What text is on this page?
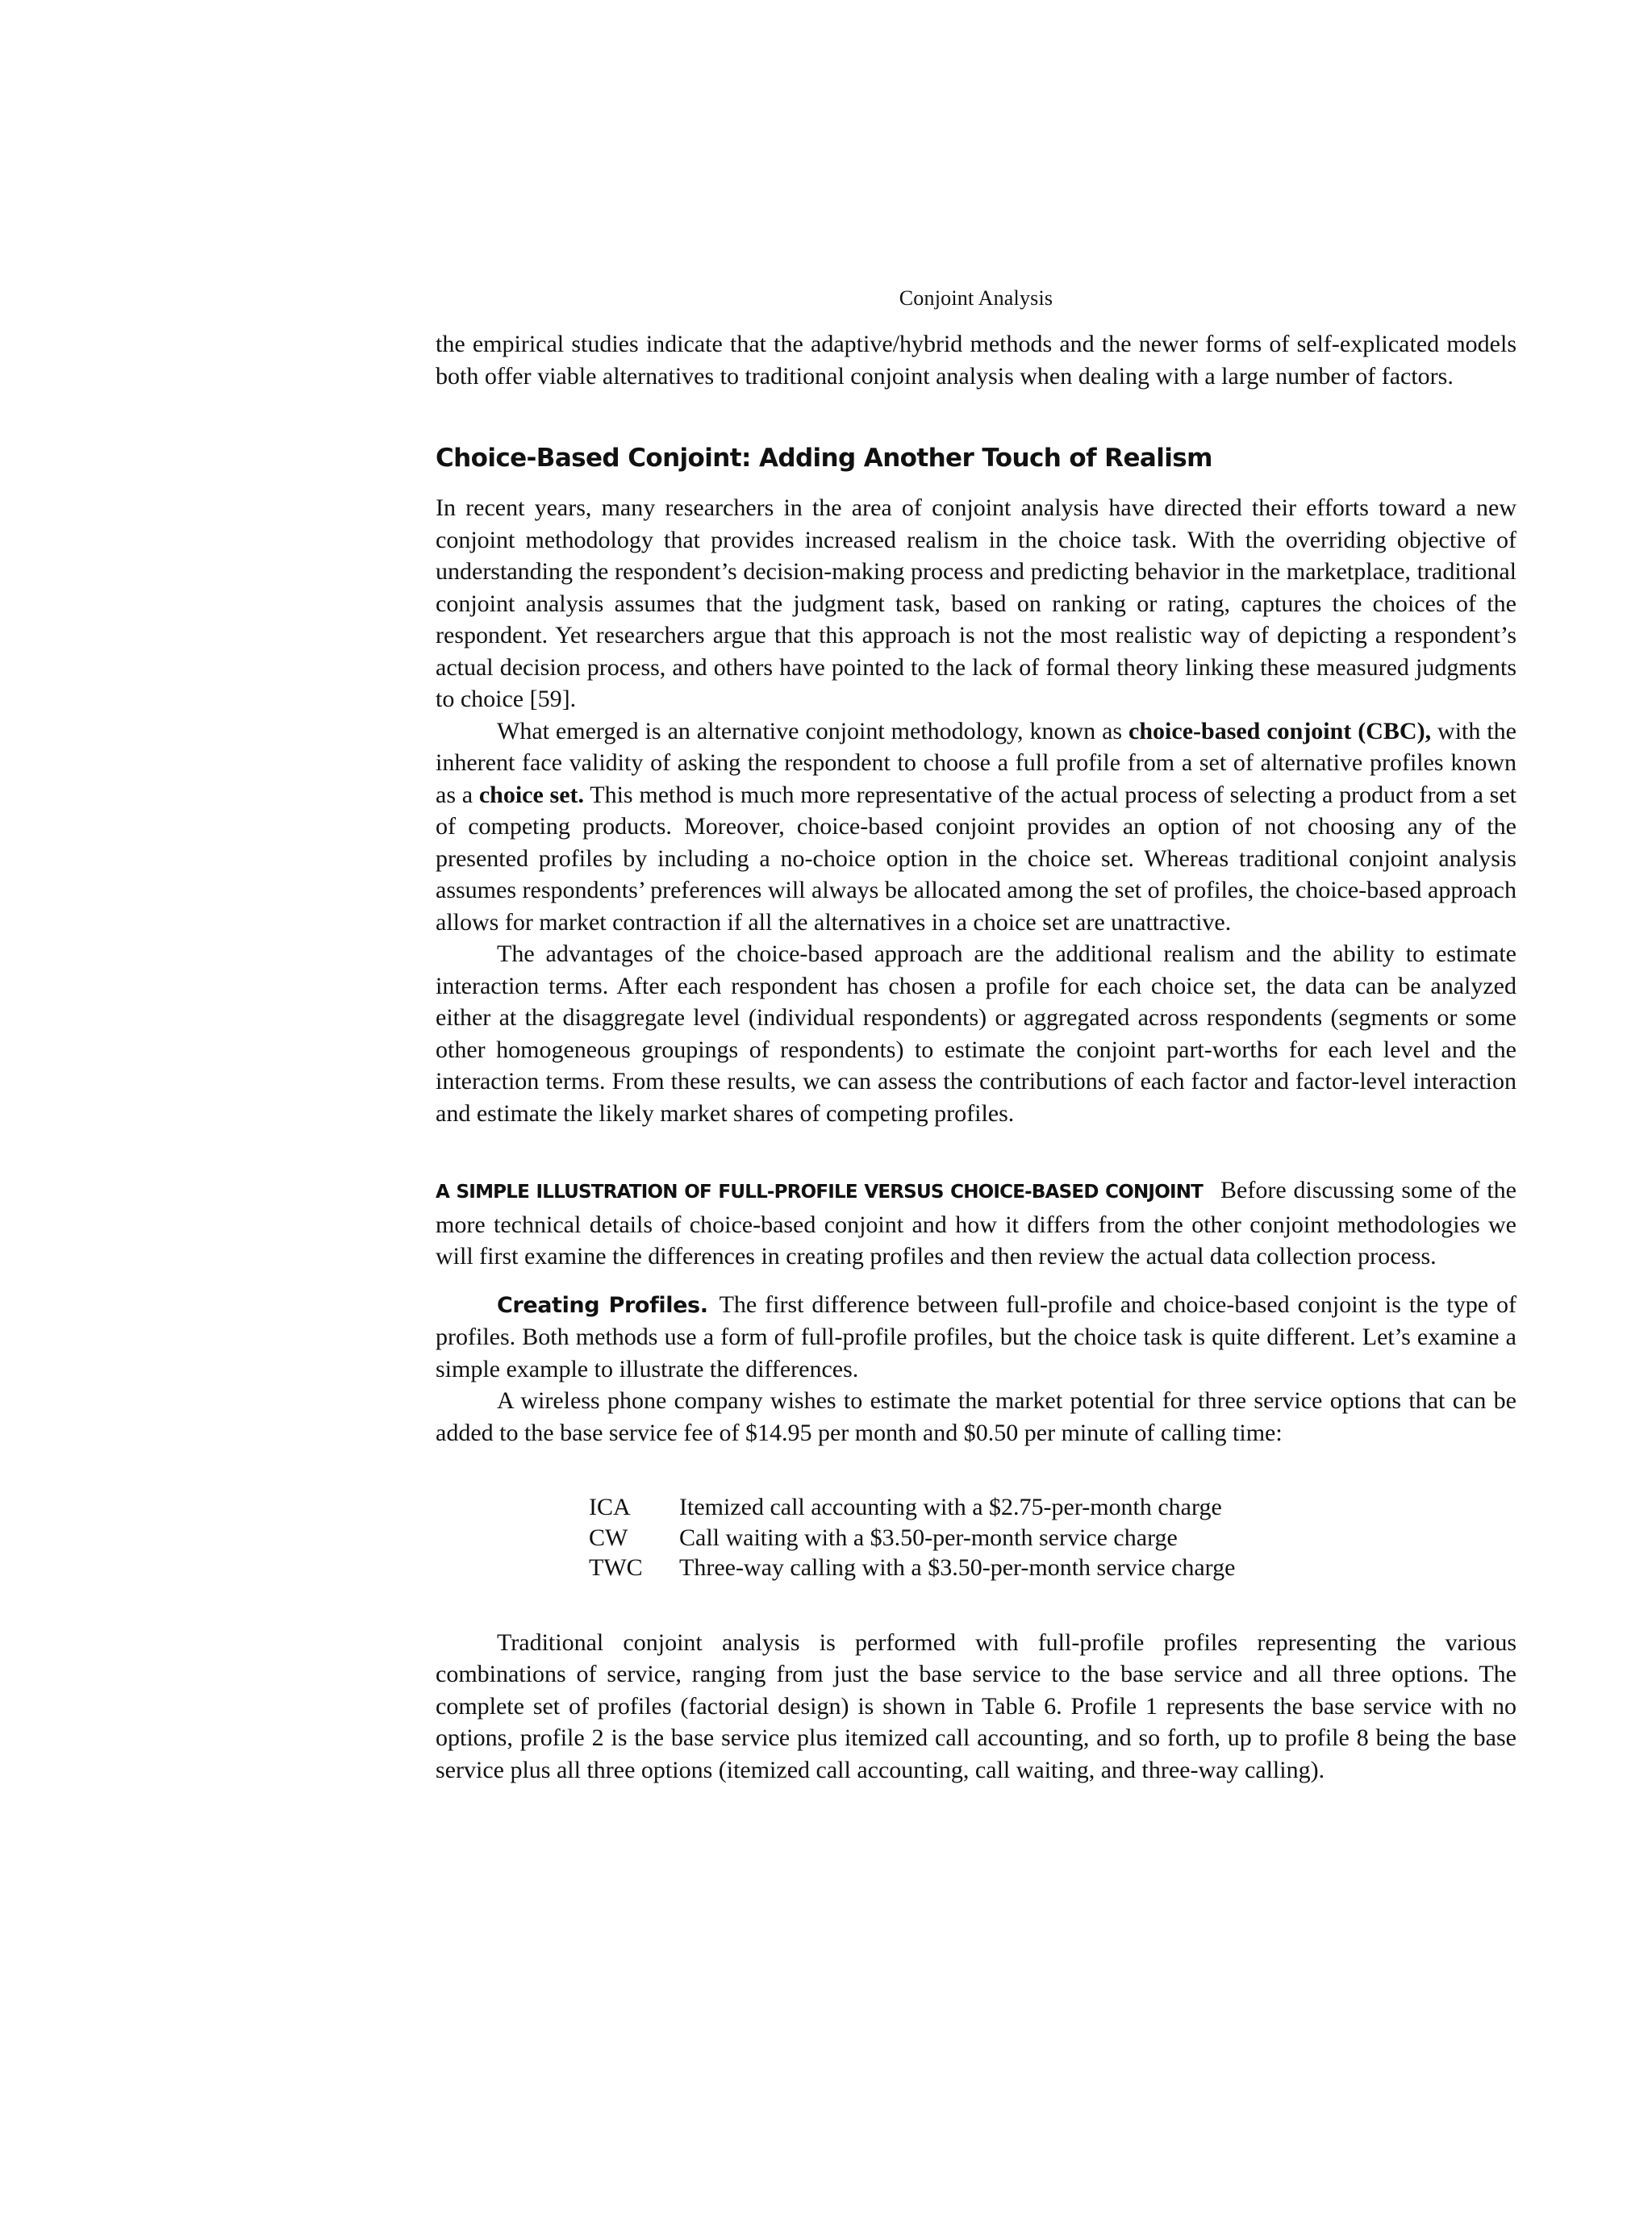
Conjoint Analysis

the empirical studies indicate that the adaptive/hybrid methods and the newer forms of self-explicated models both offer viable alternatives to traditional conjoint analysis when dealing with a large number of factors.

Choice-Based Conjoint: Adding Another Touch of Realism

In recent years, many researchers in the area of conjoint analysis have directed their efforts toward a new conjoint methodology that provides increased realism in the choice task. With the overriding objective of understanding the respondent’s decision-making process and predicting behavior in the marketplace, traditional conjoint analysis assumes that the judgment task, based on ranking or rating, captures the choices of the respondent. Yet researchers argue that this approach is not the most realistic way of depicting a respondent’s actual decision process, and others have pointed to the lack of formal theory linking these measured judgments to choice [59].

What emerged is an alternative conjoint methodology, known as choice-based conjoint (CBC), with the inherent face validity of asking the respondent to choose a full profile from a set of alternative profiles known as a choice set. This method is much more representative of the actual process of selecting a product from a set of competing products. Moreover, choice-based conjoint provides an option of not choosing any of the presented profiles by including a no-choice option in the choice set. Whereas traditional conjoint analysis assumes respondents’ preferences will always be allocated among the set of profiles, the choice-based approach allows for market contraction if all the alternatives in a choice set are unattractive.

The advantages of the choice-based approach are the additional realism and the ability to estimate interaction terms. After each respondent has chosen a profile for each choice set, the data can be analyzed either at the disaggregate level (individual respondents) or aggregated across respondents (segments or some other homogeneous groupings of respondents) to estimate the conjoint part-worths for each level and the interaction terms. From these results, we can assess the contributions of each factor and factor-level interaction and estimate the likely market shares of competing profiles.

A SIMPLE ILLUSTRATION OF FULL-PROFILE VERSUS CHOICE-BASED CONJOINT Before discussing some of the more technical details of choice-based conjoint and how it differs from the other conjoint methodologies we will first examine the differences in creating profiles and then review the actual data collection process.

Creating Profiles. The first difference between full-profile and choice-based conjoint is the type of profiles. Both methods use a form of full-profile profiles, but the choice task is quite different. Let’s examine a simple example to illustrate the differences.

A wireless phone company wishes to estimate the market potential for three service options that can be added to the base service fee of $14.95 per month and $0.50 per minute of calling time:

ICA	Itemized call accounting with a $2.75-per-month charge
CW	Call waiting with a $3.50-per-month service charge
TWC	Three-way calling with a $3.50-per-month service charge

Traditional conjoint analysis is performed with full-profile profiles representing the various combinations of service, ranging from just the base service to the base service and all three options. The complete set of profiles (factorial design) is shown in Table 6. Profile 1 represents the base service with no options, profile 2 is the base service plus itemized call accounting, and so forth, up to profile 8 being the base service plus all three options (itemized call accounting, call waiting, and three-way calling).
